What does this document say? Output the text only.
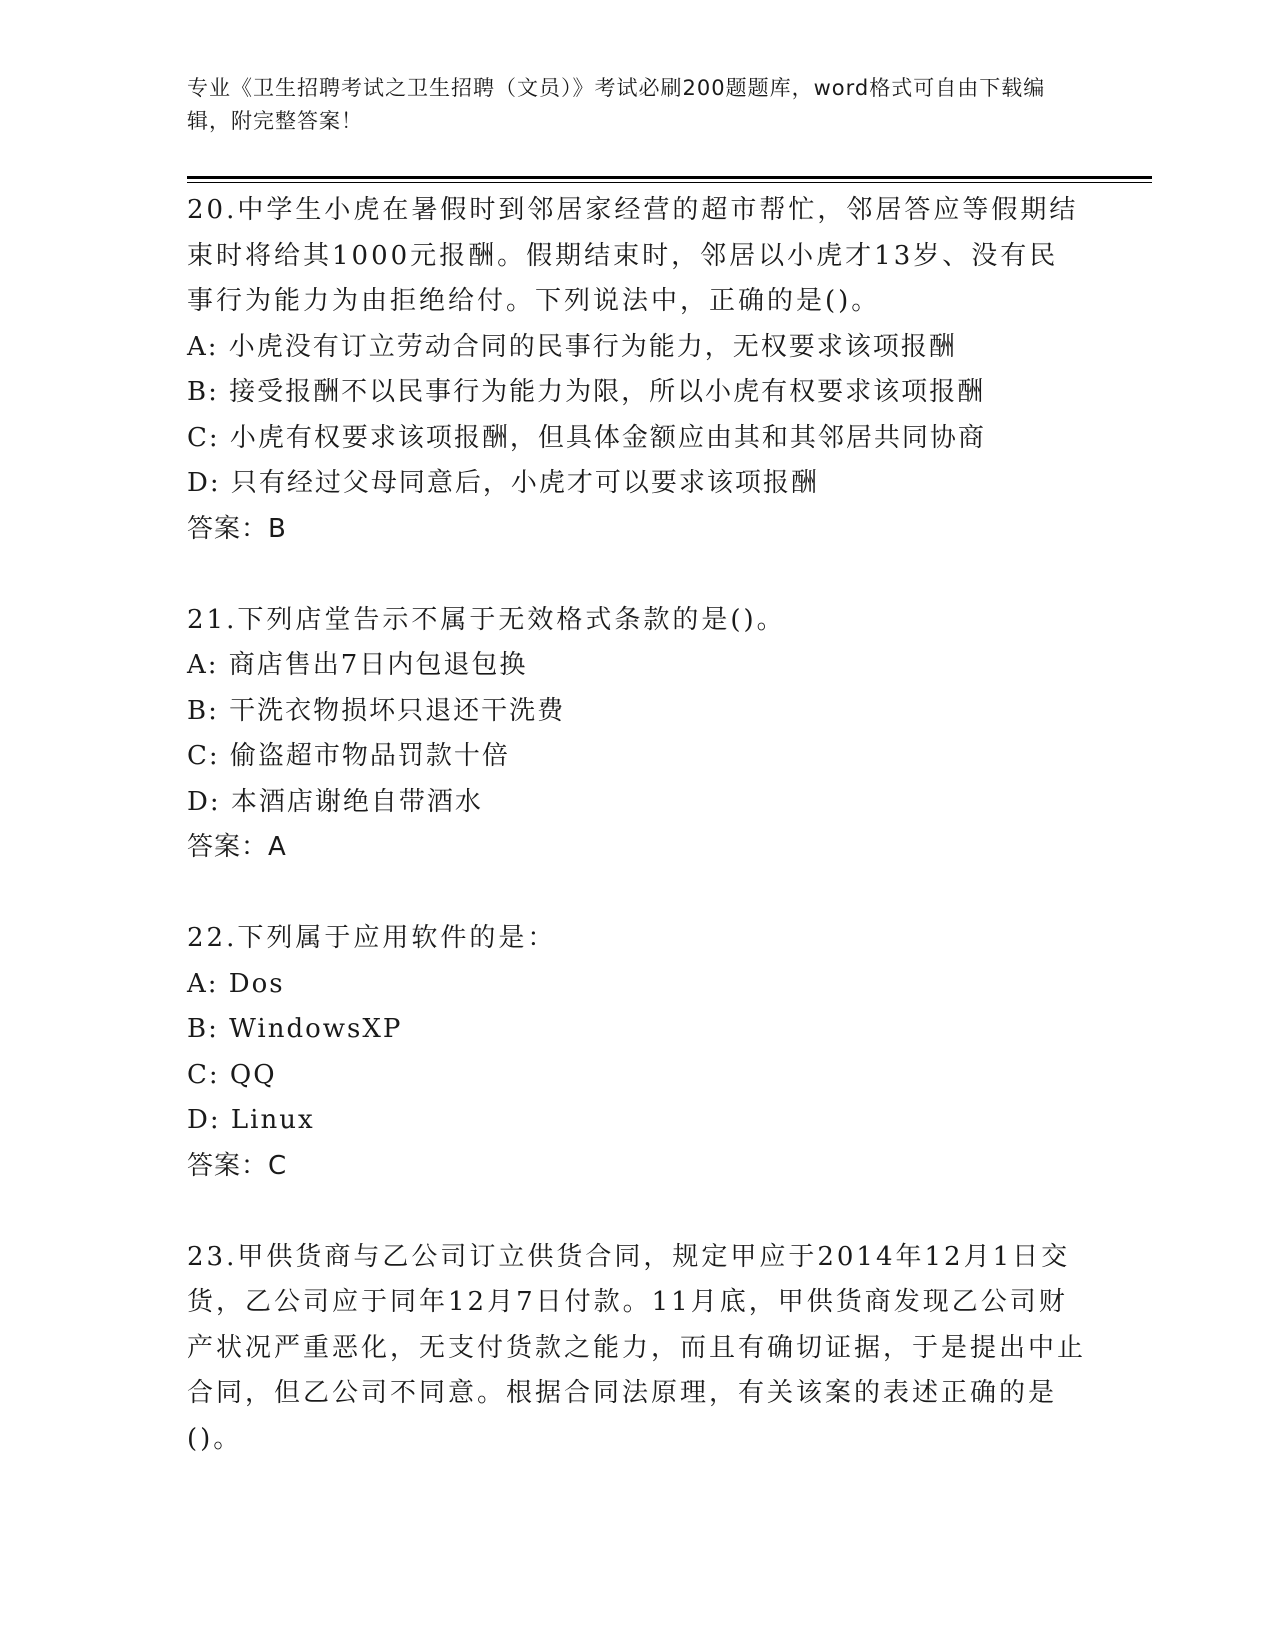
专业《卫生招聘考试之卫生招聘（文员）》考试必刷200题题库，word格式可自由下载编辑，附完整答案！
20.中学生小虎在暑假时到邻居家经营的超市帮忙，邻居答应等假期结束时将给其1000元报酬。假期结束时，邻居以小虎才13岁、没有民事行为能力为由拒绝给付。下列说法中，正确的是()。
A: 小虎没有订立劳动合同的民事行为能力，无权要求该项报酬
B: 接受报酬不以民事行为能力为限，所以小虎有权要求该项报酬
C: 小虎有权要求该项报酬，但具体金额应由其和其邻居共同协商
D: 只有经过父母同意后，小虎才可以要求该项报酬
答案：B
21.下列店堂告示不属于无效格式条款的是()。
A: 商店售出7日内包退包换
B: 干洗衣物损坏只退还干洗费
C: 偷盗超市物品罚款十倍
D: 本酒店谢绝自带酒水
答案：A
22.下列属于应用软件的是：
A: Dos
B: WindowsXP
C: QQ
D: Linux
答案：C
23.甲供货商与乙公司订立供货合同，规定甲应于2014年12月1日交货，乙公司应于同年12月7日付款。11月底，甲供货商发现乙公司财产状况严重恶化，无支付货款之能力，而且有确切证据，于是提出中止合同，但乙公司不同意。根据合同法原理，有关该案的表述正确的是()。
